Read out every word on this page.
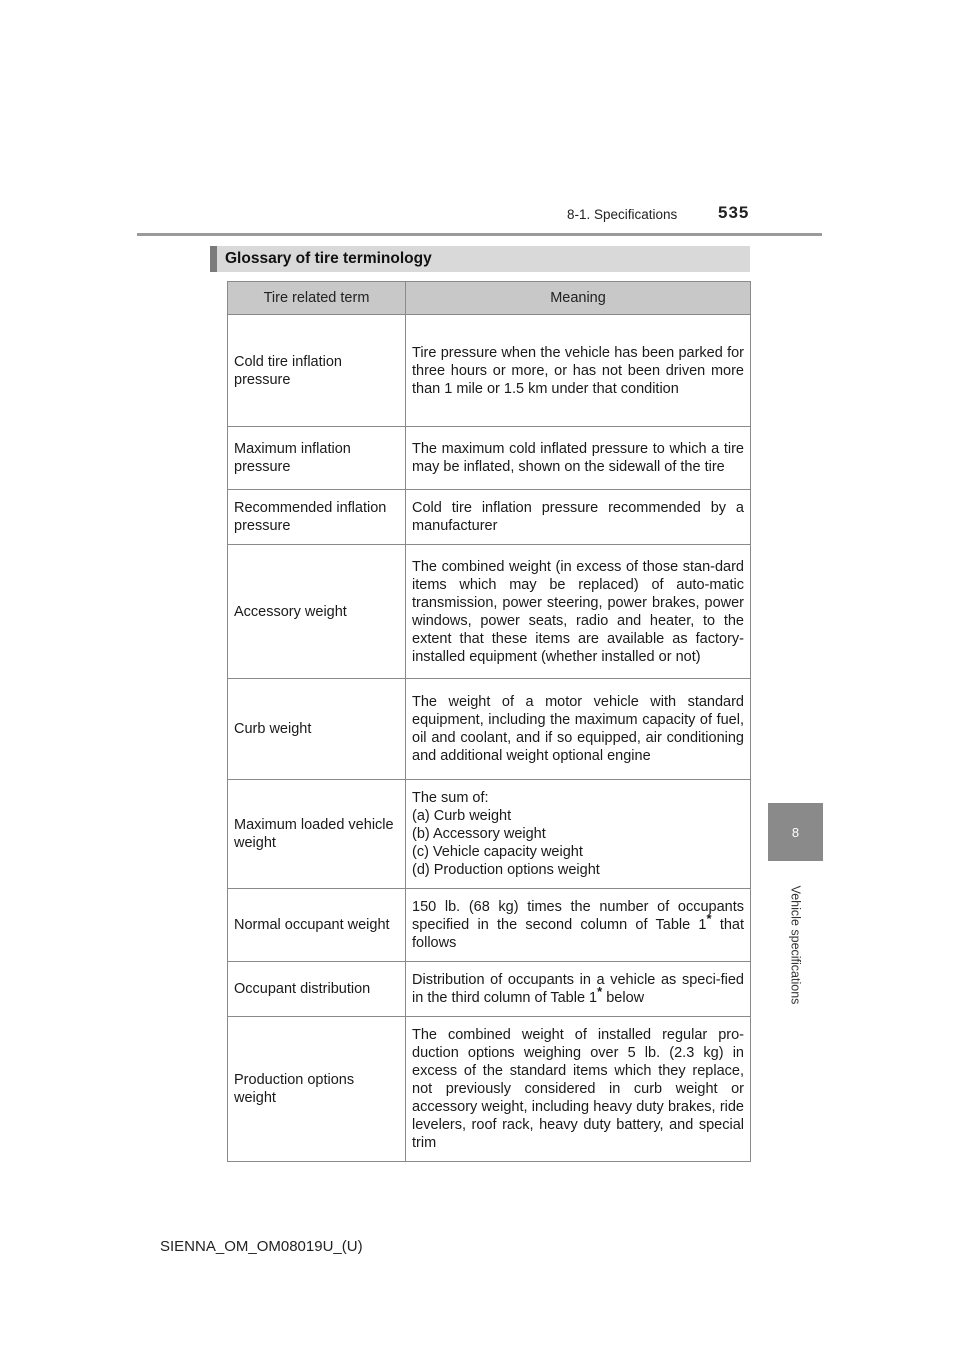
8-1. Specifications 535
8
Vehicle specifications
Glossary of tire terminology
Tire related term	Meaning
Cold tire inflation pressure	Tire pressure when the vehicle has been parked for three hours or more, or has not been driven more than 1 mile or 1.5 km under that condition
Maximum inflation pressure	The maximum cold inflated pressure to which a tire may be inflated, shown on the sidewall of the tire
Recommended inflation pressure	Cold tire inflation pressure recommended by a manufacturer
Accessory weight	The combined weight (in excess of those stan-dard items which may be replaced) of auto-matic transmission, power steering, power brakes, power windows, power seats, radio and heater, to the extent that these items are available as factory-installed equipment (whether installed or not)
Curb weight	The weight of a motor vehicle with standard equipment, including the maximum capacity of fuel, oil and coolant, and if so equipped, air conditioning and additional weight optional engine
Maximum loaded vehicle weight	The sum of:
(a) Curb weight
(b) Accessory weight
(c) Vehicle capacity weight
(d) Production options weight
Normal occupant weight	150 lb. (68 kg) times the number of occupants specified in the second column of Table 1* that follows
Occupant distribution	Distribution of occupants in a vehicle as speci-fied in the third column of Table 1* below
Production options weight	The combined weight of installed regular pro-duction options weighing over 5 lb. (2.3 kg) in excess of the standard items which they replace, not previously considered in curb weight or accessory weight, including heavy duty brakes, ride levelers, roof rack, heavy duty battery, and special trim
SIENNA_OM_OM08019U_(U)
